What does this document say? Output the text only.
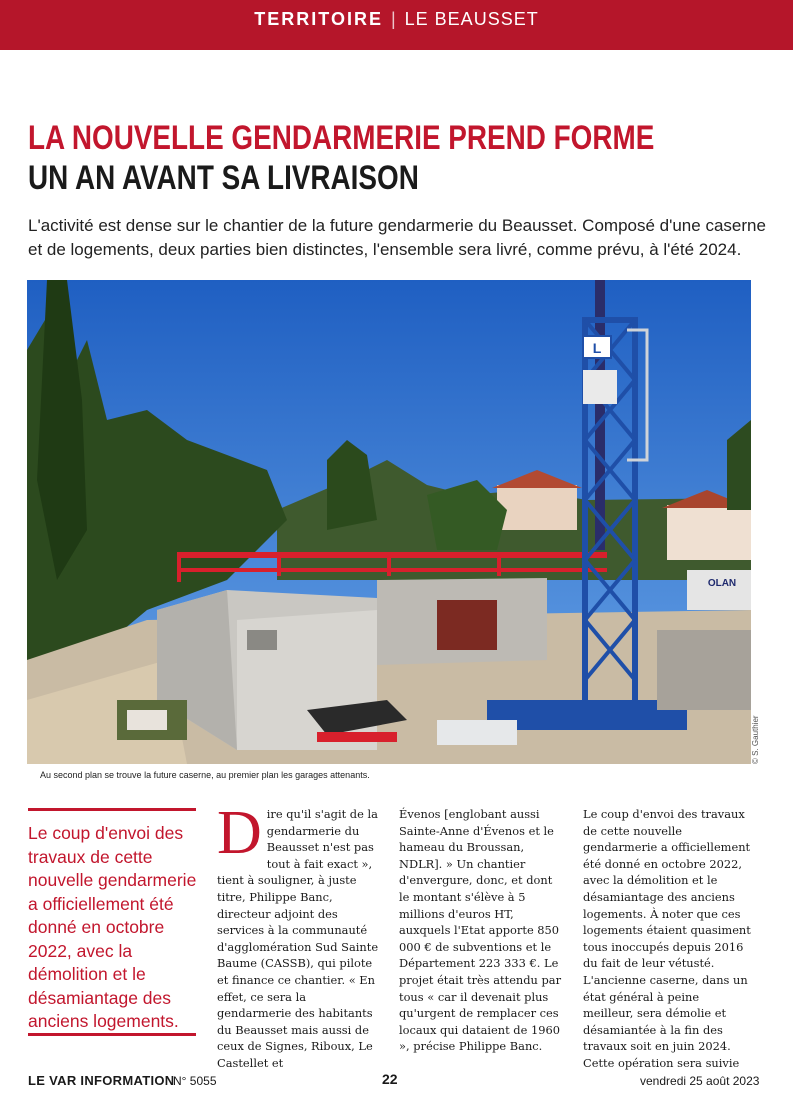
TERRITOIRE | LE BEAUSSET
LA NOUVELLE GENDARMERIE PREND FORME
UN AN AVANT SA LIVRAISON

L'activité est dense sur le chantier de la future gendarmerie du Beausset. Composé d'une caserne et de logements, deux parties bien distinctes, l'ensemble sera livré, comme prévu, à l'été 2024.

L
OLAN
© S. Gauthier
Au second plan se trouve la future caserne, au premier plan les garages attenants.
Le coup d'envoi des travaux de cette nouvelle gendarmerie a officiellement été donné en octobre 2022, avec la démolition et le désamiantage des anciens logements.
Dire qu'il s'agit de la gendarmerie du Beausset n'est pas tout à fait exact », tient à souligner, à juste titre, Philippe Banc, directeur adjoint des services à la communauté d'agglomération Sud Sainte Baume (CASSB), qui pilote et finance ce chantier. « En effet, ce sera la gendarmerie des habitants du Beausset mais aussi de ceux de Signes, Riboux, Le Castellet et
Évenos [englobant aussi Sainte-Anne d'Évenos et le hameau du Broussan, NDLR]. » Un chantier d'envergure, donc, et dont le montant s'élève à 5 millions d'euros HT, auxquels l'Etat apporte 850 000 € de subventions et le Département 223 333 €. Le projet était très attendu par tous « car il devenait plus qu'urgent de remplacer ces locaux qui dataient de 1960 », précise Philippe Banc.
Le coup d'envoi des travaux de cette nouvelle gendarmerie a officiellement été donné en octobre 2022, avec la démolition et le désamiantage des anciens logements. À noter que ces logements étaient quasiment tous inoccupés depuis 2016 du fait de leur vétusté. L'ancienne caserne, dans un état général à peine meilleur, sera démolie et désamiantée à la fin des travaux soit en juin 2024. Cette opération sera suivie
LE VAR INFORMATION
N° 5055	22	vendredi 25 août 2023
